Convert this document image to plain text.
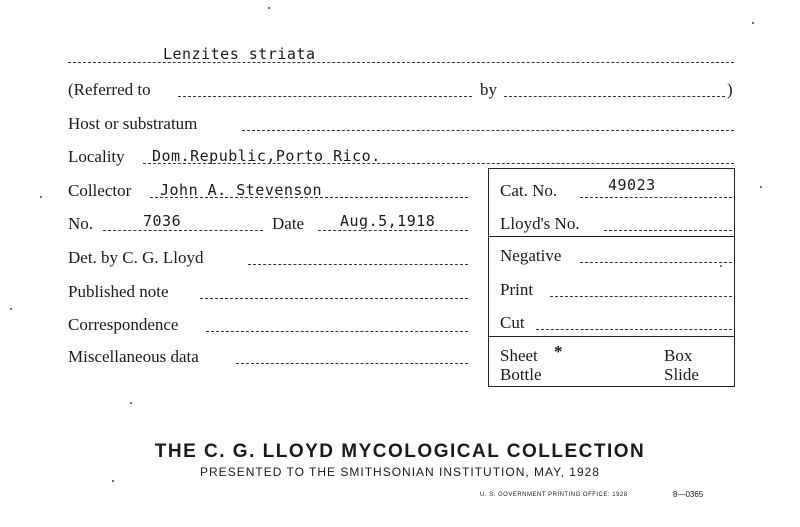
Lenzites striata
(Referred to	by	)
Host or substratum
Locality Dom.Republic,Porto Rico.
Collector John A. Stevenson	Cat. No.	49023
No.	7036	Date Aug.5,1918	Lloyd's No.
Det. by C. G. Lloyd	Negative
Published note	Print
Correspondence	Cut
Miscellaneous data	Sheet *	Box
Bottle	Slide
THE C. G. LLOYD MYCOLOGICAL COLLECTION
PRESENTED TO THE SMITHSONIAN INSTITUTION, MAY, 1928
U. S. GOVERNMENT PRINTING OFFICE: 1928	8—0365
